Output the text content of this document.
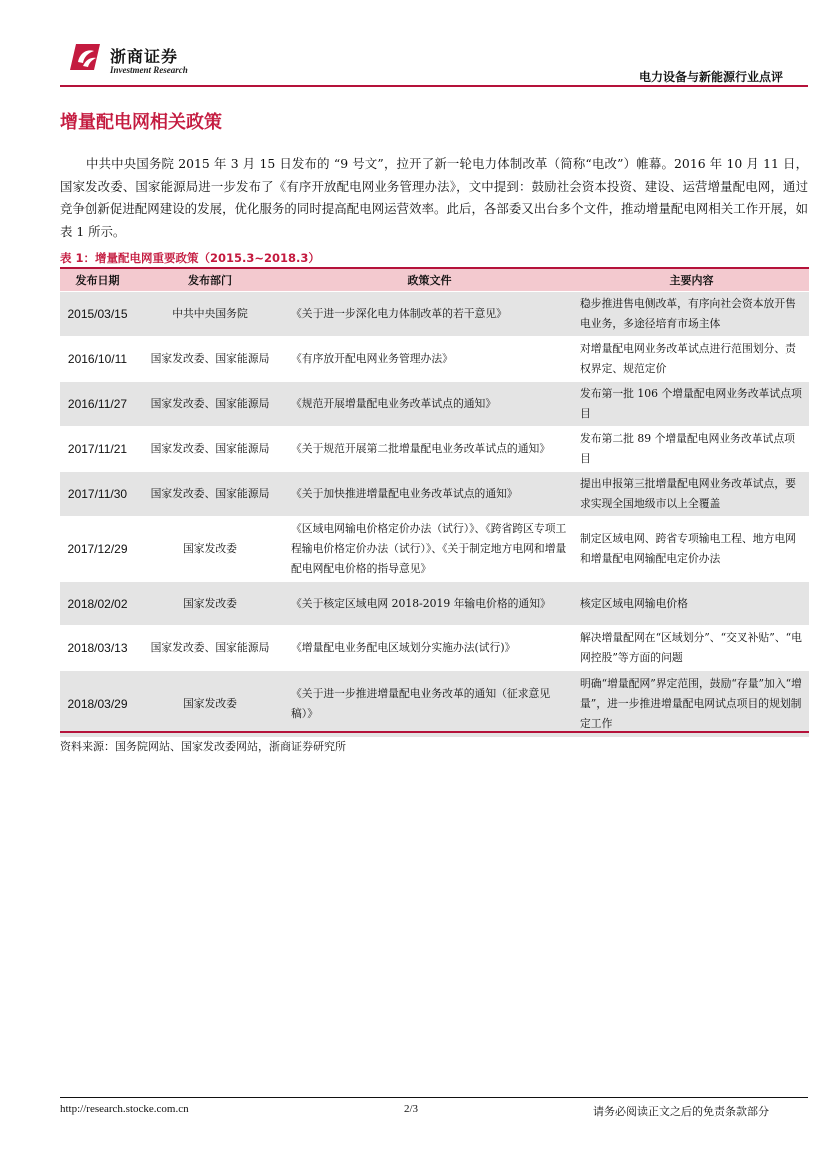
浙商证券
Investment Research	电力设备与新能源行业点评
增量配电网相关政策
中共中央国务院 2015 年 3 月 15 日发布的 “9 号文”，拉开了新一轮电力体制改革（简称“电改”）帷幕。2016 年 10 月 11 日，国家发改委、国家能源局进一步发布了《有序开放配电网业务管理办法》，文中提到：鼓励社会资本投资、建设、运营增量配电网，通过竞争创新促进配网建设的发展，优化服务的同时提高配电网运营效率。此后，各部委又出台多个文件，推动增量配电网相关工作开展，如表 1 所示。
表 1：增量配电网重要政策（2015.3~2018.3）
发布日期	发布部门	政策文件	主要内容
2015/03/15	中共中央国务院	《关于进一步深化电力体制改革的若干意见》	稳步推进售电侧改革，有序向社会资本放开售电业务，多途径培育市场主体
2016/10/11	国家发改委、国家能源局	《有序放开配电网业务管理办法》	对增量配电网业务改革试点进行范围划分、责权界定、规范定价
2016/11/27	国家发改委、国家能源局	《规范开展增量配电业务改革试点的通知》	发布第一批 106 个增量配电网业务改革试点项目
2017/11/21	国家发改委、国家能源局	《关于规范开展第二批增量配电业务改革试点的通知》	发布第二批 89 个增量配电网业务改革试点项目
2017/11/30	国家发改委、国家能源局	《关于加快推进增量配电业务改革试点的通知》	提出申报第三批增量配电网业务改革试点，要求实现全国地级市以上全覆盖
2017/12/29	国家发改委	《区域电网输电价格定价办法（试行）》、《跨省跨区专项工程输电价格定价办法（试行）》、《关于制定地方电网和增量配电网配电价格的指导意见》	制定区域电网、跨省专项输电工程、地方电网和增量配电网输配电定价办法
2018/02/02	国家发改委	《关于核定区域电网 2018-2019 年输电价格的通知》	核定区域电网输电价格
2018/03/13	国家发改委、国家能源局	《增量配电业务配电区域划分实施办法(试行)》	解决增量配网在“区域划分”、“交叉补贴”、“电网控股”等方面的问题
2018/03/29	国家发改委	《关于进一步推进增量配电业务改革的通知（征求意见稿）》	明确“增量配网”界定范围，鼓励“存量”加入“增量”，进一步推进增量配电网试点项目的规划制定工作
资料来源：国务院网站、国家发改委网站，浙商证券研究所
http://research.stocke.com.cn	2/3	请务必阅读正文之后的免责条款部分
